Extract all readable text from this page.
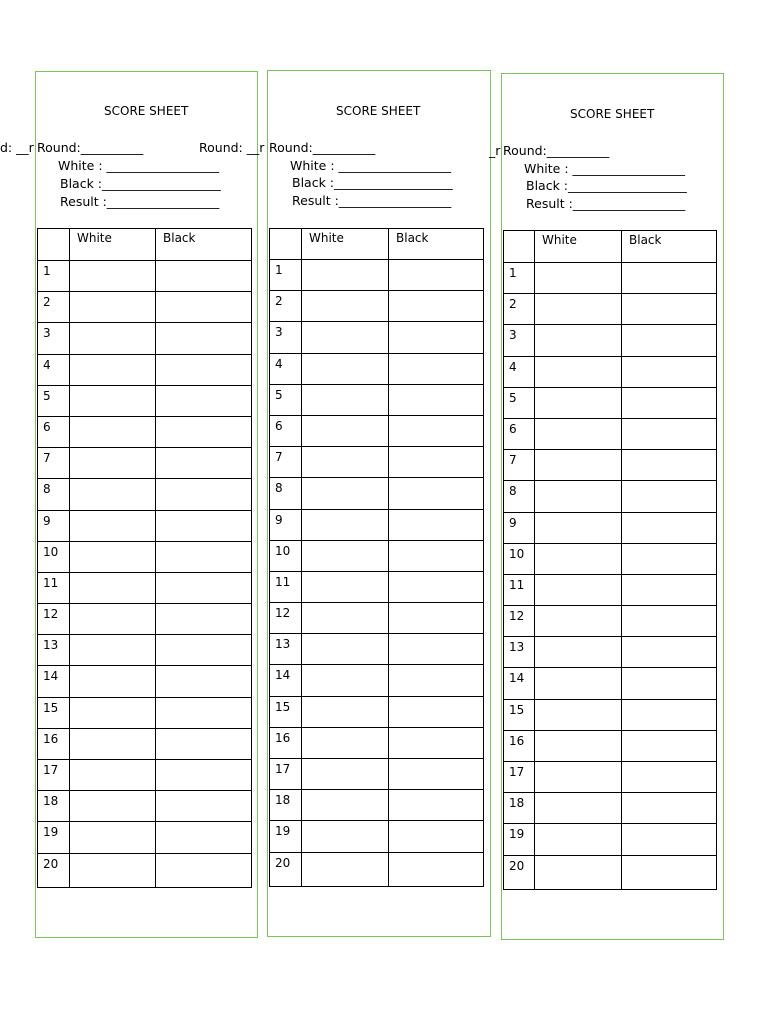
SCORE SHEET
d: __r Round:__________
White : __________________
Black :___________________
Result :__________________
	White	Black
1		
2		
3		
4		
5		
6		
7		
8		
9		
10		
11		
12		
13		
14		
15		
16		
17		
18		
19		
20		
SCORE SHEET
Round: __r Round:__________
White : __________________
Black :___________________
Result :__________________
	White	Black
1		
2		
3		
4		
5		
6		
7		
8		
9		
10		
11		
12		
13		
14		
15		
16		
17		
18		
19		
20		
SCORE SHEET
_r Round:__________
White : __________________
Black :___________________
Result :__________________
	White	Black
1		
2		
3		
4		
5		
6		
7		
8		
9		
10		
11		
12		
13		
14		
15		
16		
17		
18		
19		
20		
